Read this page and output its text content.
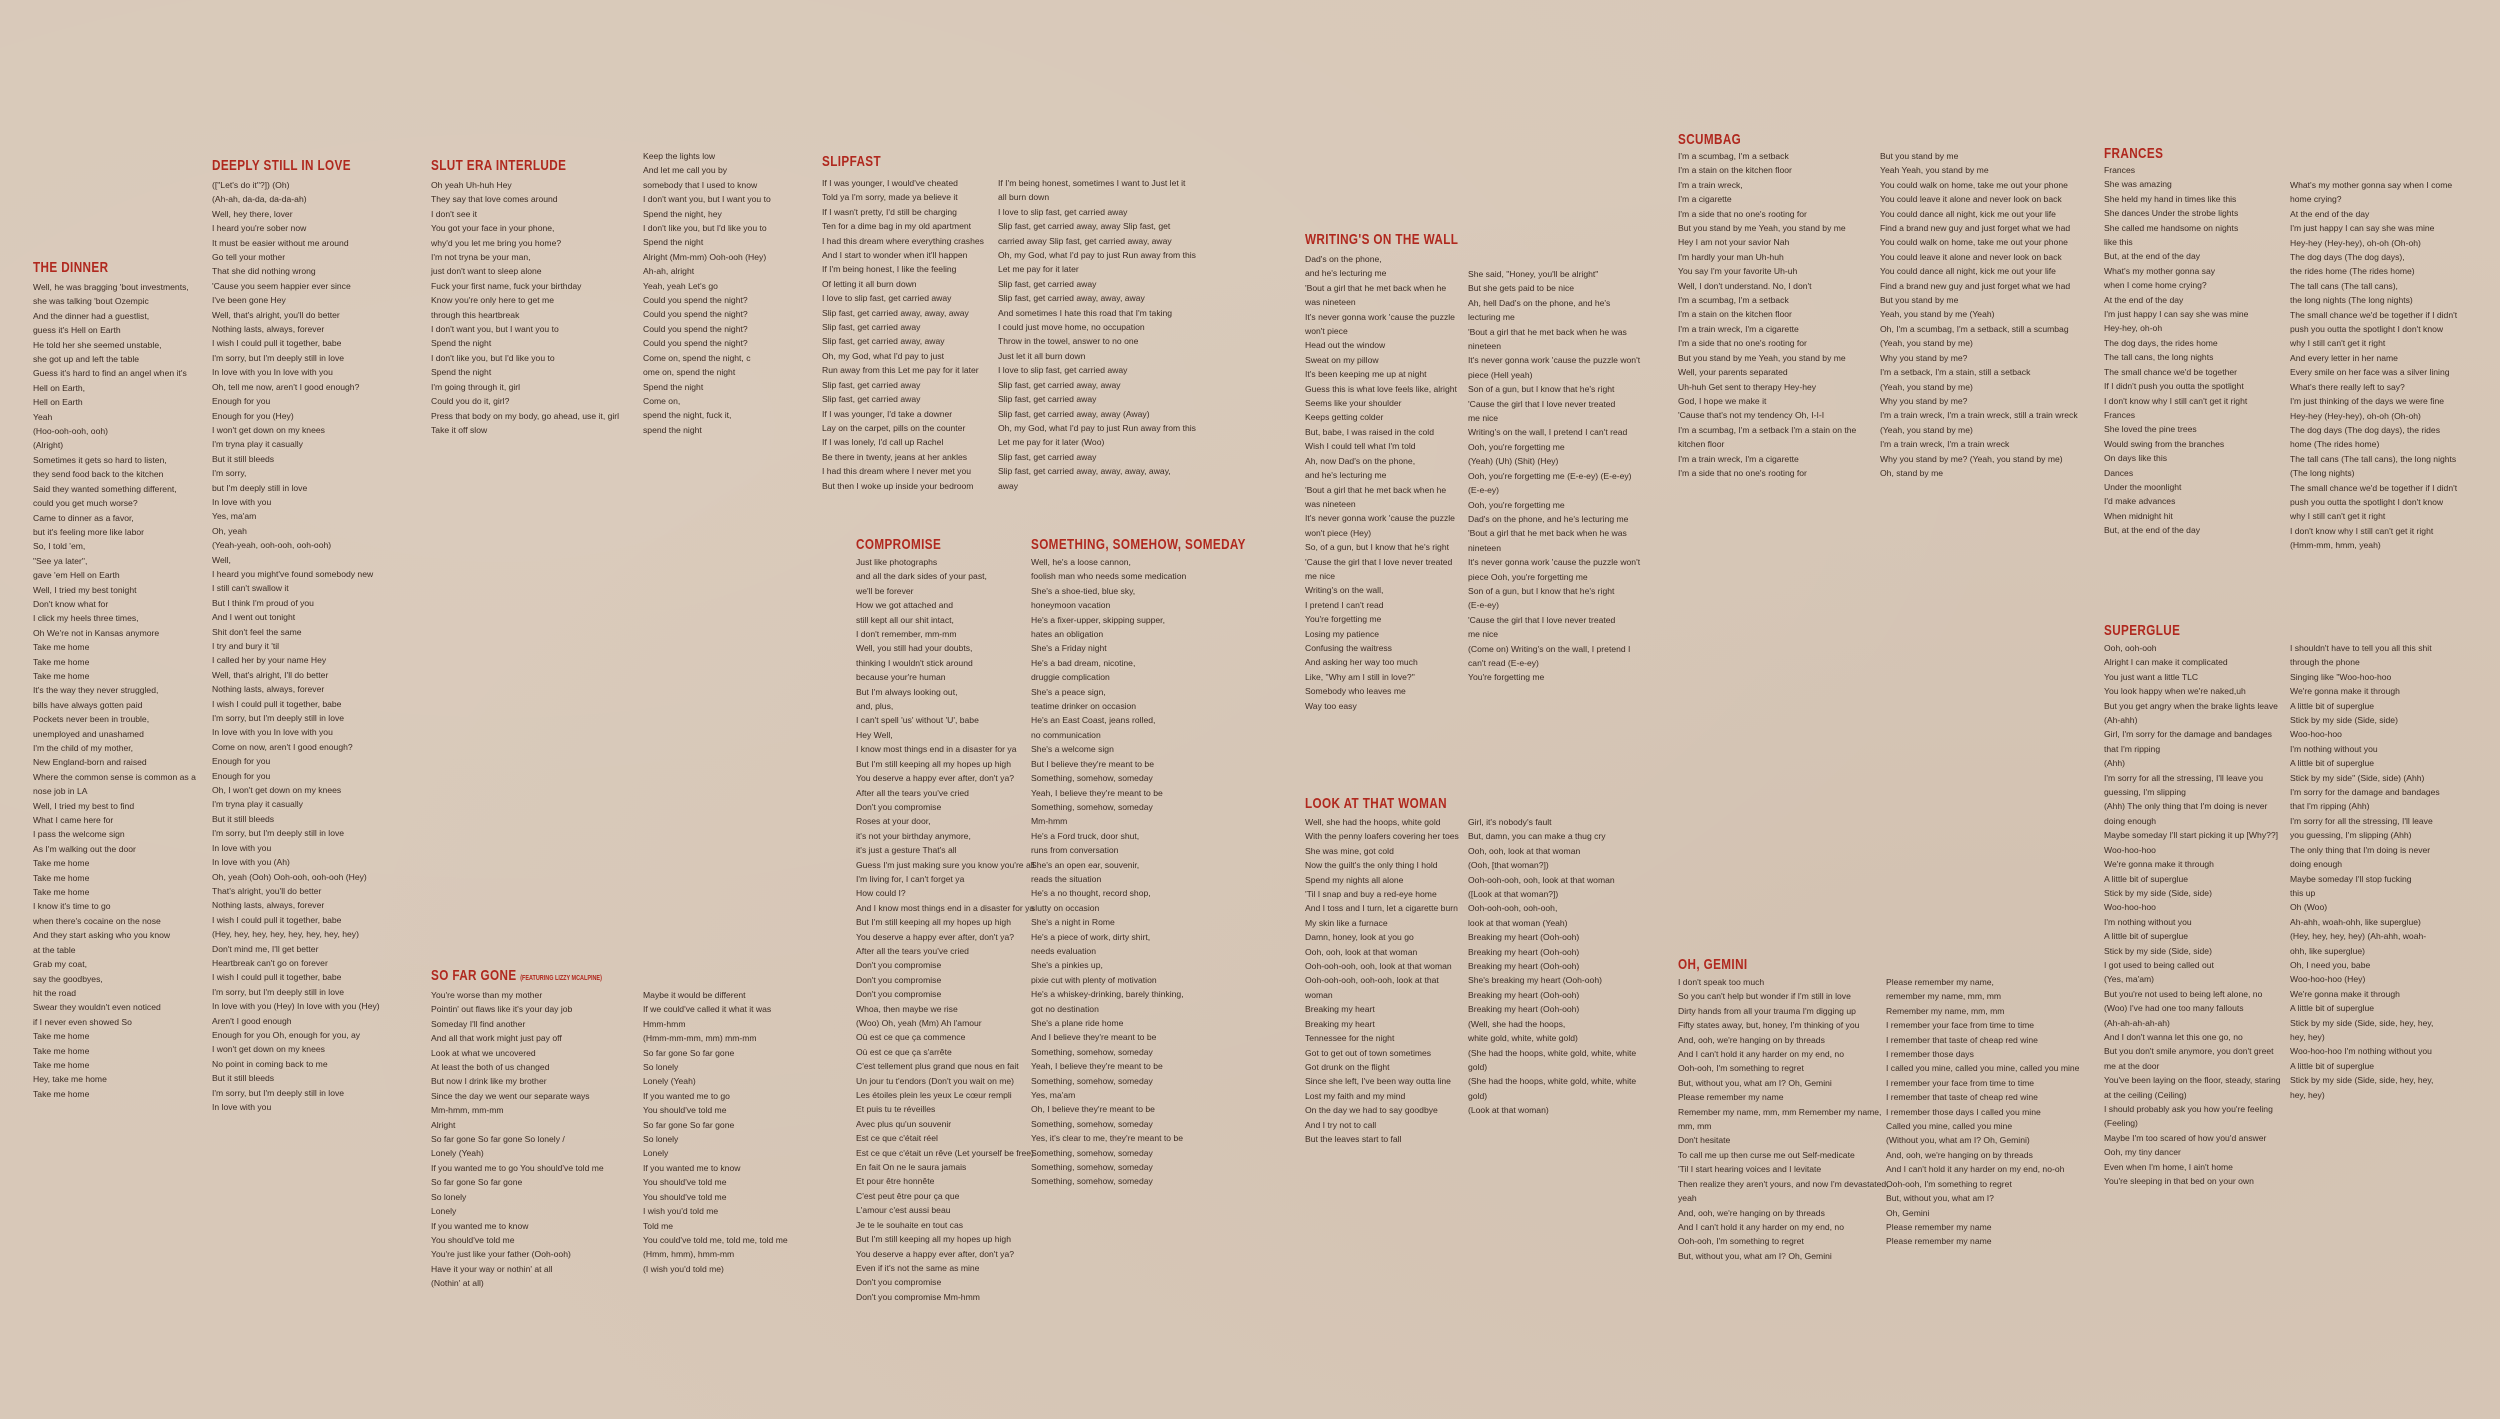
THE DINNER
Well, he was bragging 'bout investments,
she was talking 'bout Ozempic
And the dinner had a guestlist,
guess it's Hell on Earth
He told her she seemed unstable,
she got up and left the table
Guess it's hard to find an angel when it's
Hell on Earth,
Hell on Earth
Yeah
(Hoo-ooh-ooh, ooh)
(Alright)
Sometimes it gets so hard to listen,
they send food back to the kitchen
Said they wanted something different,
could you get much worse?
Came to dinner as a favor,
but it's feeling more like labor
So, I told 'em,
"See ya later",
gave 'em Hell on Earth
Well, I tried my best tonight
Don't know what for
I click my heels three times,
Oh We're not in Kansas anymore
Take me home
Take me home
Take me home
It's the way they never struggled,
bills have always gotten paid
Pockets never been in trouble,
unemployed and unashamed
I'm the child of my mother,
New England-born and raised
Where the common sense is common as a
nose job in LA
Well, I tried my best to find
What I came here for
I pass the welcome sign
As I'm walking out the door
Take me home
Take me home
Take me home
I know it's time to go
when there's cocaine on the nose
And they start asking who you know
at the table
Grab my coat,
say the goodbyes,
hit the road
Swear they wouldn't even noticed
if I never even showed So
Take me home
Take me home
Take me home
Hey, take me home
Take me home
DEEPLY STILL IN LOVE
(["Let's do it"?]) (Oh)
(Ah-ah, da-da, da-da-ah)
Well, hey there, lover
I heard you're sober now
It must be easier without me around
Go tell your mother
That she did nothing wrong
'Cause you seem happier ever since
I've been gone Hey
Well, that's alright, you'll do better
Nothing lasts, always, forever
I wish I could pull it together, babe
I'm sorry, but I'm deeply still in love
In love with you In love with you
Oh, tell me now, aren't I good enough?
Enough for you
Enough for you (Hey)
I won't get down on my knees
I'm tryna play it casually
But it still bleeds
I'm sorry,
but I'm deeply still in love
In love with you
Yes, ma'am
Oh, yeah
(Yeah-yeah, ooh-ooh, ooh-ooh)
Well,
I heard you might've found somebody new
I still can't swallow it
But I think I'm proud of you
And I went out tonight
Shit don't feel the same
I try and bury it 'til
I called her by your name Hey
Well, that's alright, I'll do better
Nothing lasts, always, forever
I wish I could pull it together, babe
I'm sorry, but I'm deeply still in love
In love with you In love with you
Come on now, aren't I good enough?
Enough for you
Enough for you
Oh, I won't get down on my knees
I'm tryna play it casually
But it still bleeds
I'm sorry, but I'm deeply still in love
In love with you
In love with you (Ah)
Oh, yeah (Ooh) Ooh-ooh, ooh-ooh (Hey)
That's alright, you'll do better
Nothing lasts, always, forever
I wish I could pull it together, babe
(Hey, hey, hey, hey, hey, hey, hey, hey)
Don't mind me, I'll get better
Heartbreak can't go on forever
I wish I could pull it together, babe
I'm sorry, but I'm deeply still in love
In love with you (Hey) In love with you (Hey)
Aren't I good enough
Enough for you Oh, enough for you, ay
I won't get down on my knees
No point in coming back to me
But it still bleeds
I'm sorry, but I'm deeply still in love
In love with you
SLUT ERA INTERLUDE
Oh yeah Uh-huh Hey
They say that love comes around
I don't see it
You got your face in your phone,
why'd you let me bring you home?
I'm not tryna be your man,
just don't want to sleep alone
Fuck your first name, fuck your birthday
Know you're only here to get me
through this heartbreak
I don't want you, but I want you to
Spend the night
I don't like you, but I'd like you to
Spend the night
I'm going through it, girl
Could you do it, girl?
Press that body on my body, go ahead, use it, girl
Take it off slow
Keep the lights low
And let me call you by
somebody that I used to know
I don't want you, but I want you to
Spend the night, hey
I don't like you, but I'd like you to
Spend the night
Alright (Mm-mm) Ooh-ooh (Hey)
Ah-ah, alright
Yeah, yeah Let's go
Could you spend the night?
Could you spend the night?
Could you spend the night?
Could you spend the night?
Come on, spend the night, c
ome on, spend the night
Spend the night
Come on,
spend the night, fuck it,
spend the night
SO FAR GONE (FEATURING LIZZY MCALPINE)
You're worse than my mother
Pointin' out flaws like it's your day job
Someday I'll find another
And all that work might just pay off
Look at what we uncovered
At least the both of us changed
But now I drink like my brother
Since the day we went our separate ways
Mm-hmm, mm-mm
Alright
So far gone So far gone So lonely /
Lonely (Yeah)
If you wanted me to go You should've told me
So far gone So far gone
So lonely
Lonely
If you wanted me to know
You should've told me
You're just like your father (Ooh-ooh)
Have it your way or nothin' at all
(Nothin' at all)
Maybe it would be different
If we could've called it what it was
Hmm-hmm
(Hmm-mm-mm, mm) mm-mm
So far gone So far gone
So lonely
Lonely (Yeah)
If you wanted me to go
You should've told me
So far gone So far gone
So lonely
Lonely
If you wanted me to know
You should've told me
You should've told me
I wish you'd told me
Told me
You could've told me, told me, told me
(Hmm, hmm), hmm-mm
(I wish you'd told me)
SLIPFAST
If I was younger, I would've cheated
Told ya I'm sorry, made ya believe it
If I wasn't pretty, I'd still be charging
Ten for a dime bag in my old apartment
I had this dream where everything crashes
And I start to wonder when it'll happen
If I'm being honest, I like the feeling
Of letting it all burn down
I love to slip fast, get carried away
Slip fast, get carried away, away, away
Slip fast, get carried away
Slip fast, get carried away, away
Oh, my God, what I'd pay to just
Run away from this Let me pay for it later
Slip fast, get carried away
Slip fast, get carried away
If I was younger, I'd take a downer
Lay on the carpet, pills on the counter
If I was lonely, I'd call up Rachel
Be there in twenty, jeans at her ankles
I had this dream where I never met you
But then I woke up inside your bedroom
If I'm being honest, sometimes I want to Just let it
all burn down
I love to slip fast, get carried away
Slip fast, get carried away, away Slip fast, get
carried away Slip fast, get carried away, away
Oh, my God, what I'd pay to just Run away from this
Let me pay for it later
Slip fast, get carried away
Slip fast, get carried away, away, away
And sometimes I hate this road that I'm taking
I could just move home, no occupation
Throw in the towel, answer to no one
Just let it all burn down
I love to slip fast, get carried away
Slip fast, get carried away, away
Slip fast, get carried away
Slip fast, get carried away, away (Away)
Oh, my God, what I'd pay to just Run away from this
Let me pay for it later (Woo)
Slip fast, get carried away
Slip fast, get carried away, away, away, away,
away
COMPROMISE
Just like photographs
and all the dark sides of your past,
we'll be forever
How we got attached and
still kept all our shit intact,
I don't remember, mm-mm
Well, you still had your doubts,
thinking I wouldn't stick around
because your're human
But I'm always looking out,
and, plus,
I can't spell 'us' without 'U', babe
Hey Well,
I know most things end in a disaster for ya
But I'm still keeping all my hopes up high
You deserve a happy ever after, don't ya?
After all the tears you've cried
Don't you compromise
Roses at your door,
it's not your birthday anymore,
it's just a gesture That's all
Guess I'm just making sure you know you're all
I'm living for, I can't forget ya
How could I?
And I know most things end in a disaster for ya
But I'm still keeping all my hopes up high
You deserve a happy ever after, don't ya?
After all the tears you've cried
Don't you compromise
Don't you compromise
Don't you compromise
Whoa, then maybe we rise
(Woo) Oh, yeah (Mm) Ah l'amour
Où est ce que ça commence
Où est ce que ça s'arrête
C'est tellement plus grand que nous en fait
Un jour tu t'endors (Don't you wait on me)
Les étoiles plein les yeux Le cœur rempli
Et puis tu te réveilles
Avec plus qu'un souvenir
Est ce que c'était réel
Est ce que c'était un rêve (Let yourself be free)
En fait On ne le saura jamais
Et pour être honnête
C'est peut être pour ça que
L'amour c'est aussi beau
Je te le souhaite en tout cas
But I'm still keeping all my hopes up high
You deserve a happy ever after, don't ya?
Even if it's not the same as mine
Don't you compromise
Don't you compromise Mm-hmm
SOMETHING, SOMEHOW, SOMEDAY
Well, he's a loose cannon,
foolish man who needs some medication
She's a shoe-tied, blue sky,
honeymoon vacation
He's a fixer-upper, skipping supper,
hates an obligation
She's a Friday night
He's a bad dream, nicotine,
druggie complication
She's a peace sign,
teatime drinker on occasion
He's an East Coast, jeans rolled,
no communication
She's a welcome sign
But I believe they're meant to be
Something, somehow, someday
Yeah, I believe they're meant to be
Something, somehow, someday
Mm-hmm
He's a Ford truck, door shut,
runs from conversation
She's an open ear, souvenir,
reads the situation
He's a no thought, record shop,
slutty on occasion
She's a night in Rome
He's a piece of work, dirty shirt,
needs evaluation
She's a pinkies up,
pixie cut with plenty of motivation
He's a whiskey-drinking, barely thinking,
got no destination
She's a plane ride home
And I believe they're meant to be
Something, somehow, someday
Yeah, I believe they're meant to be
Something, somehow, someday
Yes, ma'am
Oh, I believe they're meant to be
Something, somehow, someday
Yes, it's clear to me, they're meant to be
Something, somehow, someday
Something, somehow, someday
Something, somehow, someday
WRITING'S ON THE WALL
Dad's on the phone,
and he's lecturing me
'Bout a girl that he met back when he
was nineteen
It's never gonna work 'cause the puzzle
won't piece
Head out the window
Sweat on my pillow
It's been keeping me up at night
Guess this is what love feels like, alright
Seems like your shoulder
Keeps getting colder
But, babe, I was raised in the cold
Wish I could tell what I'm told
Ah, now Dad's on the phone,
and he's lecturing me
'Bout a girl that he met back when he
was nineteen
It's never gonna work 'cause the puzzle
won't piece (Hey)
So, of a gun, but I know that he's right
'Cause the girl that I love never treated
me nice
Writing's on the wall,
I pretend I can't read
You're forgetting me
Losing my patience
Confusing the waitress
And asking her way too much
Like, "Why am I still in love?"
Somebody who leaves me
Way too easy
She said, "Honey, you'll be alright"
But she gets paid to be nice
Ah, hell Dad's on the phone, and he's
lecturing me
'Bout a girl that he met back when he was
nineteen
It's never gonna work 'cause the puzzle won't
piece (Hell yeah)
Son of a gun, but I know that he's right
'Cause the girl that I love never treated
me nice
Writing's on the wall, I pretend I can't read
Ooh, you're forgetting me
(Yeah) (Uh) (Shit) (Hey)
Ooh, you're forgetting me (E-e-ey) (E-e-ey)
(E-e-ey)
Ooh, you're forgetting me
Dad's on the phone, and he's lecturing me
'Bout a girl that he met back when he was
nineteen
It's never gonna work 'cause the puzzle won't
piece Ooh, you're forgetting me
Son of a gun, but I know that he's right
(E-e-ey)
'Cause the girl that I love never treated
me nice
(Come on) Writing's on the wall, I pretend I
can't read (E-e-ey)
You're forgetting me
LOOK AT THAT WOMAN
Well, she had the hoops, white gold
With the penny loafers covering her toes
She was mine, got cold
Now the guilt's the only thing I hold
Spend my nights all alone
'Til I snap and buy a red-eye home
And I toss and I turn, let a cigarette burn
My skin like a furnace
Damn, honey, look at you go
Ooh, ooh, look at that woman
Ooh-ooh-ooh, ooh, look at that woman
Ooh-ooh-ooh, ooh-ooh, look at that
woman
Breaking my heart
Breaking my heart
Tennessee for the night
Got to get out of town sometimes
Got drunk on the flight
Since she left, I've been way outta line
Lost my faith and my mind
On the day we had to say goodbye
And I try not to call
But the leaves start to fall
Girl, it's nobody's fault
But, damn, you can make a thug cry
Ooh, ooh, look at that woman
(Ooh, [that woman?])
Ooh-ooh-ooh, ooh, look at that woman
([Look at that woman?])
Ooh-ooh-ooh, ooh-ooh,
look at that woman (Yeah)
Breaking my heart (Ooh-ooh)
Breaking my heart (Ooh-ooh)
Breaking my heart (Ooh-ooh)
She's breaking my heart (Ooh-ooh)
Breaking my heart (Ooh-ooh)
Breaking my heart (Ooh-ooh)
(Well, she had the hoops,
white gold, white, white gold)
(She had the hoops, white gold, white, white
gold)
(She had the hoops, white gold, white, white
gold)
(Look at that woman)
SCUMBAG
I'm a scumbag, I'm a setback
I'm a stain on the kitchen floor
I'm a train wreck,
I'm a cigarette
I'm a side that no one's rooting for
But you stand by me Yeah, you stand by me
Hey I am not your savior Nah
I'm hardly your man Uh-huh
You say I'm your favorite Uh-uh
Well, I don't understand. No, I don't
I'm a scumbag, I'm a setback
I'm a stain on the kitchen floor
I'm a train wreck, I'm a cigarette
I'm a side that no one's rooting for
But you stand by me Yeah, you stand by me
Well, your parents separated
Uh-huh Get sent to therapy Hey-hey
God, I hope we make it
'Cause that's not my tendency Oh, I-I-I
I'm a scumbag, I'm a setback I'm a stain on the
kitchen floor
I'm a train wreck, I'm a cigarette
I'm a side that no one's rooting for
But you stand by me
Yeah Yeah, you stand by me
You could walk on home, take me out your phone
You could leave it alone and never look on back
You could dance all night, kick me out your life
Find a brand new guy and just forget what we had
You could walk on home, take me out your phone
You could leave it alone and never look on back
You could dance all night, kick me out your life
Find a brand new guy and just forget what we had
But you stand by me
Yeah, you stand by me (Yeah)
Oh, I'm a scumbag, I'm a setback, still a scumbag
(Yeah, you stand by me)
Why you stand by me?
I'm a setback, I'm a stain, still a setback
(Yeah, you stand by me)
Why you stand by me?
I'm a train wreck, I'm a train wreck, still a train wreck
(Yeah, you stand by me)
I'm a train wreck, I'm a train wreck
Why you stand by me? (Yeah, you stand by me)
Oh, stand by me
OH, GEMINI
I don't speak too much
So you can't help but wonder if I'm still in love
Dirty hands from all your trauma I'm digging up
Fifty states away, but, honey, I'm thinking of you
And, ooh, we're hanging on by threads
And I can't hold it any harder on my end, no
Ooh-ooh, I'm something to regret
But, without you, what am I? Oh, Gemini
Please remember my name
Remember my name, mm, mm Remember my name,
mm, mm
Don't hesitate
To call me up then curse me out Self-medicate
'Til I start hearing voices and I levitate
Then realize they aren't yours, and now I'm devastated,
yeah
And, ooh, we're hanging on by threads
And I can't hold it any harder on my end, no
Ooh-ooh, I'm something to regret
But, without you, what am I? Oh, Gemini
Please remember my name,
remember my name, mm, mm
Remember my name, mm, mm
I remember your face from time to time
I remember that taste of cheap red wine
I remember those days
I called you mine, called you mine, called you mine
I remember your face from time to time
I remember that taste of cheap red wine
I remember those days I called you mine
Called you mine, called you mine
(Without you, what am I? Oh, Gemini)
And, ooh, we're hanging on by threads
And I can't hold it any harder on my end, no-oh
Ooh-ooh, I'm something to regret
But, without you, what am I?
Oh, Gemini
Please remember my name
Please remember my name
FRANCES
Frances
She was amazing
She held my hand in times like this
She dances Under the strobe lights
She called me handsome on nights
like this
But, at the end of the day
What's my mother gonna say
when I come home crying?
At the end of the day
I'm just happy I can say she was mine
Hey-hey, oh-oh
The dog days, the rides home
The tall cans, the long nights
The small chance we'd be together
If I didn't push you outta the spotlight
I don't know why I still can't get it right
Frances
She loved the pine trees
Would swing from the branches
On days like this
Dances
Under the moonlight
I'd make advances
When midnight hit
But, at the end of the day
What's my mother gonna say when I come
home crying?
At the end of the day
I'm just happy I can say she was mine
Hey-hey (Hey-hey), oh-oh (Oh-oh)
The dog days (The dog days),
the rides home (The rides home)
The tall cans (The tall cans),
the long nights (The long nights)
The small chance we'd be together if I didn't
push you outta the spotlight I don't know
why I still can't get it right
And every letter in her name
Every smile on her face was a silver lining
What's there really left to say?
I'm just thinking of the days we were fine
Hey-hey (Hey-hey), oh-oh (Oh-oh)
The dog days (The dog days), the rides
home (The rides home)
The tall cans (The tall cans), the long nights
(The long nights)
The small chance we'd be together if I didn't
push you outta the spotlight I don't know
why I still can't get it right
I don't know why I still can't get it right
(Hmm-mm, hmm, yeah)
SUPERGLUE
Ooh, ooh-ooh
Alright I can make it complicated
You just want a little TLC
You look happy when we're naked,uh
But you get angry when the brake lights leave
(Ah-ahh)
Girl, I'm sorry for the damage and bandages
that I'm ripping
(Ahh)
I'm sorry for all the stressing, I'll leave you
guessing, I'm slipping
(Ahh) The only thing that I'm doing is never
doing enough
Maybe someday I'll start picking it up [Why??]
Woo-hoo-hoo
We're gonna make it through
A little bit of superglue
Stick by my side (Side, side)
Woo-hoo-hoo
I'm nothing without you
A little bit of superglue
Stick by my side (Side, side)
I got used to being called out
(Yes, ma'am)
But you're not used to being left alone, no
(Woo) I've had one too many fallouts
(Ah-ah-ah-ah-ah)
And I don't wanna let this one go, no
But you don't smile anymore, you don't greet
me at the door
You've been laying on the floor, steady, staring
at the ceiling (Ceiling)
I should probably ask you how you're feeling
(Feeling)
Maybe I'm too scared of how you'd answer
Ooh, my tiny dancer
Even when I'm home, I ain't home
You're sleeping in that bed on your own
I shouldn't have to tell you all this shit
through the phone
Singing like "Woo-hoo-hoo
We're gonna make it through
A little bit of superglue
Stick by my side (Side, side)
Woo-hoo-hoo
I'm nothing without you
A little bit of superglue
Stick by my side" (Side, side) (Ahh)
I'm sorry for the damage and bandages
that I'm ripping (Ahh)
I'm sorry for all the stressing, I'll leave
you guessing, I'm slipping (Ahh)
The only thing that I'm doing is never
doing enough
Maybe someday I'll stop fucking
this up
Oh (Woo)
Ah-ahh, woah-ohh, like superglue)
(Hey, hey, hey, hey) (Ah-ahh, woah-
ohh, like superglue)
Oh, I need you, babe
Woo-hoo-hoo (Hey)
We're gonna make it through
A little bit of superglue
Stick by my side (Side, side, hey, hey,
hey, hey)
Woo-hoo-hoo I'm nothing without you
A little bit of superglue
Stick by my side (Side, side, hey, hey,
hey, hey)
